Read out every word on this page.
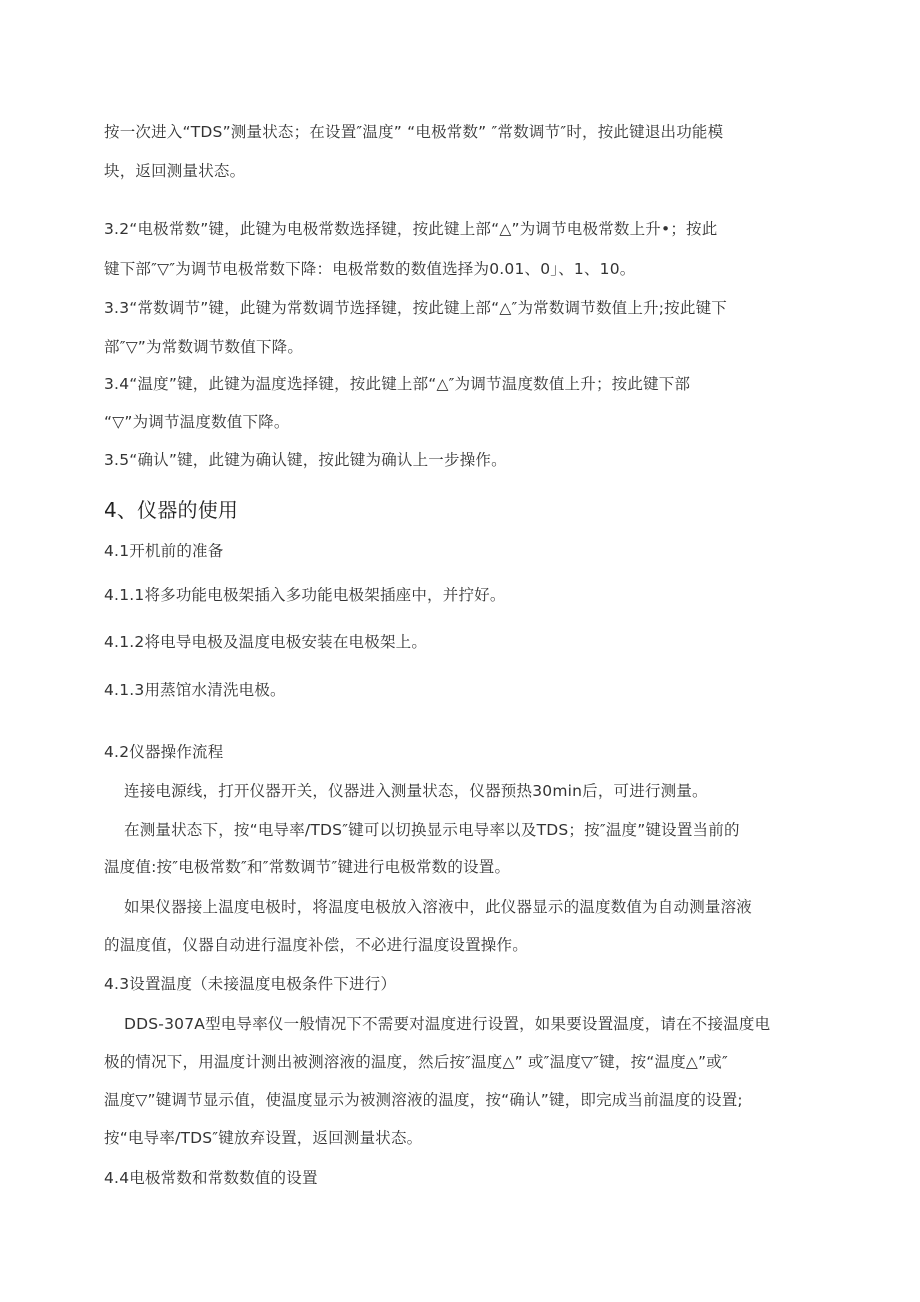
按一次进入“TDS”测量状态；在设置″温度” “电极常数” ″常数调节″时，按此键退出功能模
块，返回测量状态。
3.2“电极常数”键，此键为电极常数选择键，按此键上部“△”为调节电极常数上升•；按此
键下部″▽″为调节电极常数下降：电极常数的数值选择为0.01、0」、1、10。
3.3“常数调节”键，此键为常数调节选择键，按此键上部“△″为常数调节数值上升;按此键下
部″▽”为常数调节数值下降。
3.4“温度”键，此键为温度选择键，按此键上部“△″为调节温度数值上升；按此键下部
“▽”为调节温度数值下降。
3.5“确认”键，此键为确认键，按此键为确认上一步操作。
4、仪器的使用
4.1开机前的准备
4.1.1将多功能电极架插入多功能电极架插座中，并拧好。
4.1.2将电导电极及温度电极安装在电极架上。
4.1.3用蒸馆水清洗电极。
4.2仪器操作流程
连接电源线，打开仪器开关，仪器进入测量状态，仪器预热30min后，可进行测量。
在测量状态下，按“电导率/TDS″键可以切换显示电导率以及TDS；按″温度”键设置当前的
温度值:按″电极常数″和″常数调节″键进行电极常数的设置。
如果仪器接上温度电极时，将温度电极放入溶液中，此仪器显示的温度数值为自动测量溶液
的温度值，仪器自动进行温度补偿，不必进行温度设置操作。
4.3设置温度（未接温度电极条件下进行）
DDS-307A型电导率仪一般情况下不需要对温度进行设置，如果要设置温度，请在不接温度电
极的情况下，用温度计测出被测溶液的温度，然后按″温度△” 或″温度▽″键，按“温度△”或″
温度▽”键调节显示值，使温度显示为被测溶液的温度，按“确认”键，即完成当前温度的设置;
按“电导率/TDS″键放弃设置，返回测量状态。
4.4电极常数和常数数值的设置
